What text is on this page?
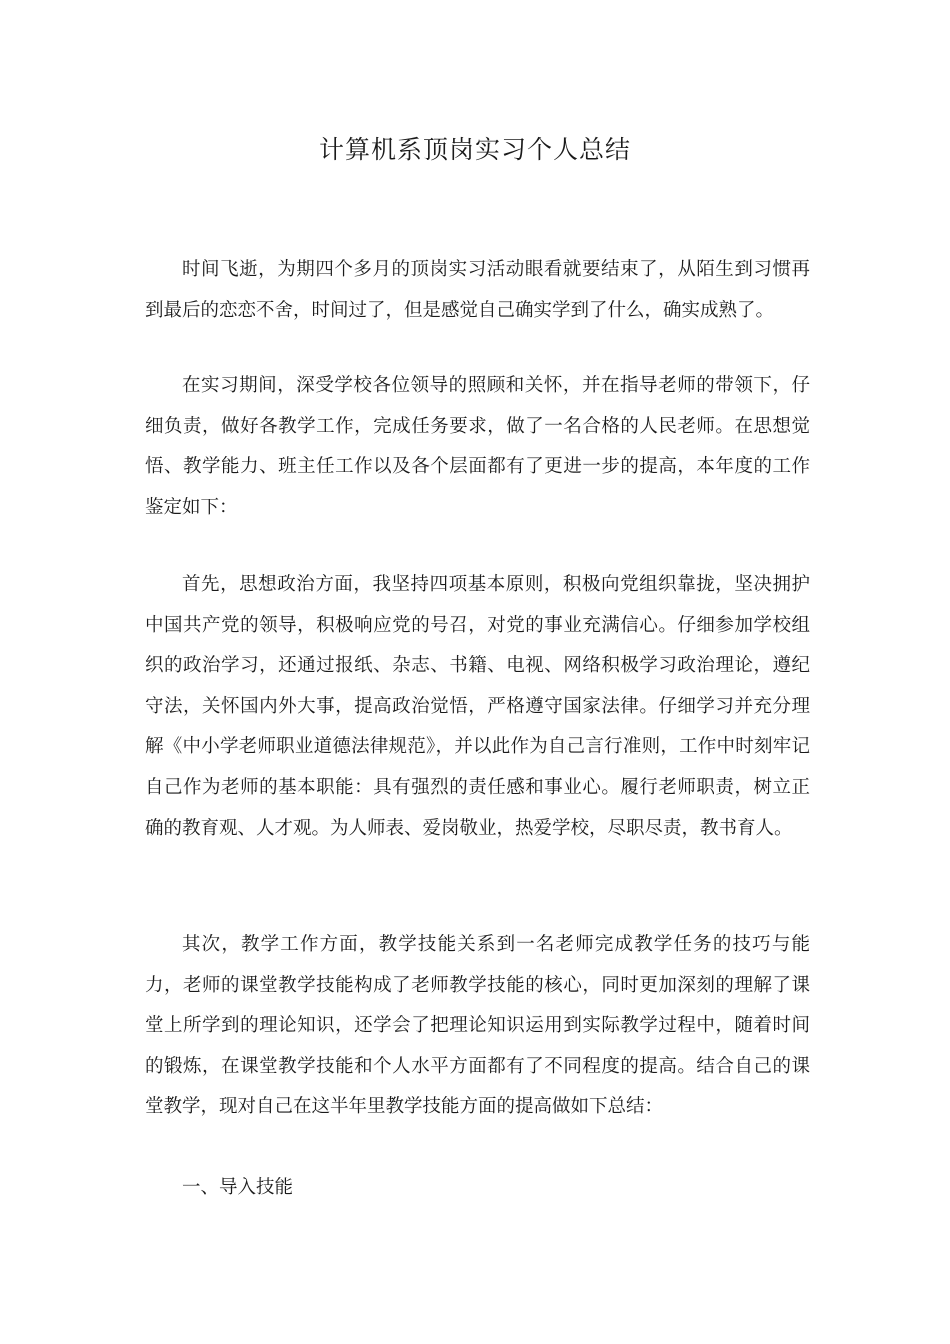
计算机系顶岗实习个人总结

时间飞逝，为期四个多月的顶岗实习活动眼看就要结束了，从陌生到习惯再到最后的恋恋不舍，时间过了，但是感觉自己确实学到了什么，确实成熟了。

在实习期间，深受学校各位领导的照顾和关怀，并在指导老师的带领下，仔细负责，做好各教学工作，完成任务要求，做了一名合格的人民老师。在思想觉悟、教学能力、班主任工作以及各个层面都有了更进一步的提高，本年度的工作鉴定如下：

首先，思想政治方面，我坚持四项基本原则，积极向党组织靠拢，坚决拥护中国共产党的领导，积极响应党的号召，对党的事业充满信心。仔细参加学校组织的政治学习，还通过报纸、杂志、书籍、电视、网络积极学习政治理论，遵纪守法，关怀国内外大事，提高政治觉悟，严格遵守国家法律。仔细学习并充分理解《中小学老师职业道德法律规范》，并以此作为自己言行准则，工作中时刻牢记自己作为老师的基本职能：具有强烈的责任感和事业心。履行老师职责，树立正确的教育观、人才观。为人师表、爱岗敬业，热爱学校，尽职尽责，教书育人。

其次，教学工作方面，教学技能关系到一名老师完成教学任务的技巧与能力，老师的课堂教学技能构成了老师教学技能的核心，同时更加深刻的理解了课堂上所学到的理论知识，还学会了把理论知识运用到实际教学过程中，随着时间的锻炼，在课堂教学技能和个人水平方面都有了不同程度的提高。结合自己的课堂教学，现对自己在这半年里教学技能方面的提高做如下总结：

一、导入技能
